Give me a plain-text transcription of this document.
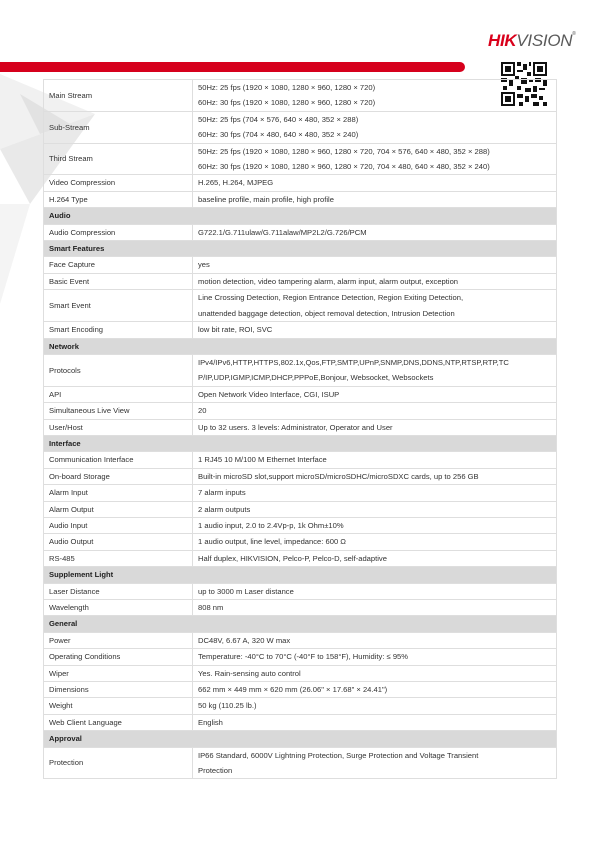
HIKVISION®
Main Stream	50Hz: 25 fps (1920 × 1080, 1280 × 960, 1280 × 720)
60Hz: 30 fps (1920 × 1080, 1280 × 960, 1280 × 720)

Sub-Stream	50Hz: 25 fps (704 × 576, 640 × 480, 352 × 288)
60Hz: 30 fps (704 × 480, 640 × 480, 352 × 240)

Third Stream	50Hz: 25 fps (1920 × 1080, 1280 × 960, 1280 × 720, 704 × 576, 640 × 480, 352 × 288)
60Hz: 30 fps (1920 × 1080, 1280 × 960, 1280 × 720, 704 × 480, 640 × 480, 352 × 240)

Video Compression	H.265, H.264, MJPEG

H.264 Type	baseline profile, main profile, high profile

Audio	
Audio Compression	G722.1/G.711ulaw/G.711alaw/MP2L2/G.726/PCM

Smart Features	
Face Capture	yes

Basic Event	motion detection, video tampering alarm, alarm input, alarm output, exception

Smart Event	Line Crossing Detection, Region Entrance Detection, Region Exiting Detection,
unattended baggage detection, object removal detection, Intrusion Detection

Smart Encoding	low bit rate, ROI, SVC

Network	
Protocols	IPv4/IPv6,HTTP,HTTPS,802.1x,Qos,FTP,SMTP,UPnP,SNMP,DNS,DDNS,NTP,RTSP,RTP,TC
P/IP,UDP,IGMP,ICMP,DHCP,PPPoE,Bonjour, Websocket, Websockets

API	Open Network Video Interface, CGI, ISUP

Simultaneous Live View	20

User/Host	Up to 32 users. 3 levels: Administrator, Operator and User

Interface	
Communication Interface	1 RJ45 10 M/100 M Ethernet Interface

On-board Storage	Built-in microSD slot,support microSD/microSDHC/microSDXC cards, up to 256 GB

Alarm Input	7 alarm inputs

Alarm Output	2 alarm outputs

Audio Input	1 audio input, 2.0 to 2.4Vp-p, 1k Ohm±10%

Audio Output	1 audio output, line level, impedance: 600 Ω

RS-485	Half duplex, HIKVISION, Pelco-P, Pelco-D, self-adaptive

Supplement Light	
Laser Distance	up to 3000 m Laser distance

Wavelength	808 nm

General	
Power	DC48V, 6.67 A, 320 W max

Operating Conditions	Temperature: -40°C to 70°C (-40°F to 158°F), Humidity: ≤ 95%

Wiper	Yes. Rain-sensing auto control

Dimensions	662 mm × 449 mm × 620 mm (26.06" × 17.68" × 24.41")

Weight	50 kg (110.25 lb.)

Web Client Language	English

Approval	
Protection	IP66 Standard, 6000V Lightning Protection, Surge Protection and Voltage Transient
Protection
